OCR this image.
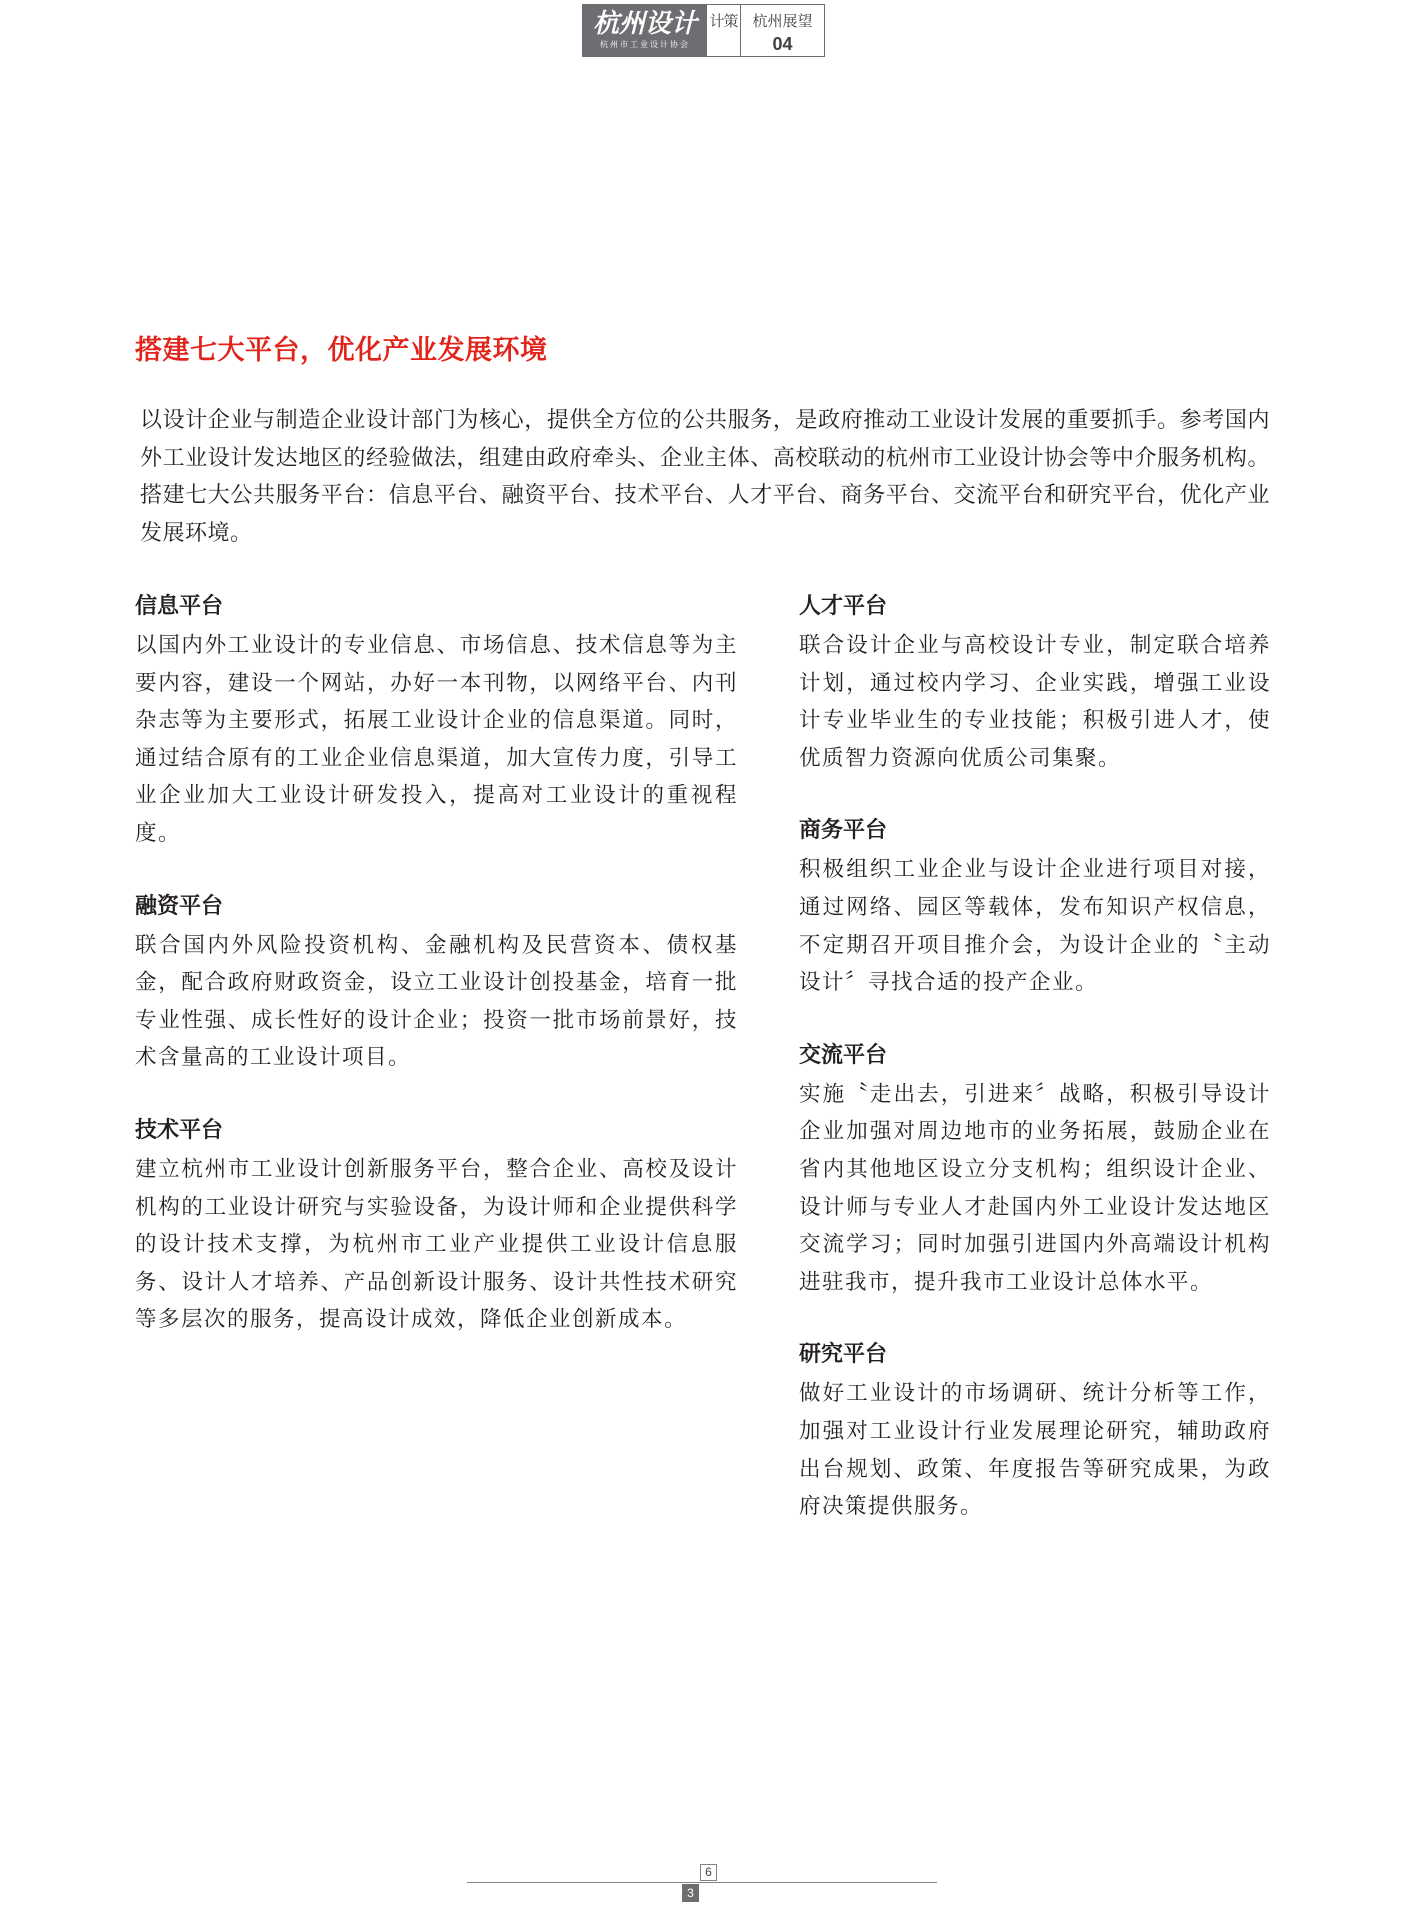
杭州设计
杭州市工业设计协会
计策 杭州展望
04
搭建七大平台，优化产业发展环境
以设计企业与制造企业设计部门为核心，提供全方位的公共服务，是政府推动工业设计发展的重要抓手。参考国内外工业设计发达地区的经验做法，组建由政府牵头、企业主体、高校联动的杭州市工业设计协会等中介服务机构。搭建七大公共服务平台：信息平台、融资平台、技术平台、人才平台、商务平台、交流平台和研究平台，优化产业发展环境。
信息平台
以国内外工业设计的专业信息、市场信息、技术信息等为主要内容，建设一个网站，办好一本刊物，以网络平台、内刊杂志等为主要形式，拓展工业设计企业的信息渠道。同时，通过结合原有的工业企业信息渠道，加大宣传力度，引导工业企业加大工业设计研发投入，提高对工业设计的重视程度。
融资平台
联合国内外风险投资机构、金融机构及民营资本、债权基金，配合政府财政资金，设立工业设计创投基金，培育一批专业性强、成长性好的设计企业；投资一批市场前景好，技术含量高的工业设计项目。
技术平台
建立杭州市工业设计创新服务平台，整合企业、高校及设计机构的工业设计研究与实验设备，为设计师和企业提供科学的设计技术支撑，为杭州市工业产业提供工业设计信息服务、设计人才培养、产品创新设计服务、设计共性技术研究等多层次的服务，提高设计成效，降低企业创新成本。
人才平台
联合设计企业与高校设计专业，制定联合培养计划，通过校内学习、企业实践，增强工业设计专业毕业生的专业技能；积极引进人才，使优质智力资源向优质公司集聚。
商务平台
积极组织工业企业与设计企业进行项目对接，通过网络、园区等载体，发布知识产权信息，不定期召开项目推介会，为设计企业的〝主动设计〞寻找合适的投产企业。
交流平台
实施〝走出去，引进来〞战略，积极引导设计企业加强对周边地市的业务拓展，鼓励企业在省内其他地区设立分支机构；组织设计企业、设计师与专业人才赴国内外工业设计发达地区交流学习；同时加强引进国内外高端设计机构进驻我市，提升我市工业设计总体水平。
研究平台
做好工业设计的市场调研、统计分析等工作，加强对工业设计行业发展理论研究，辅助政府出台规划、政策、年度报告等研究成果，为政府决策提供服务。
6
3
